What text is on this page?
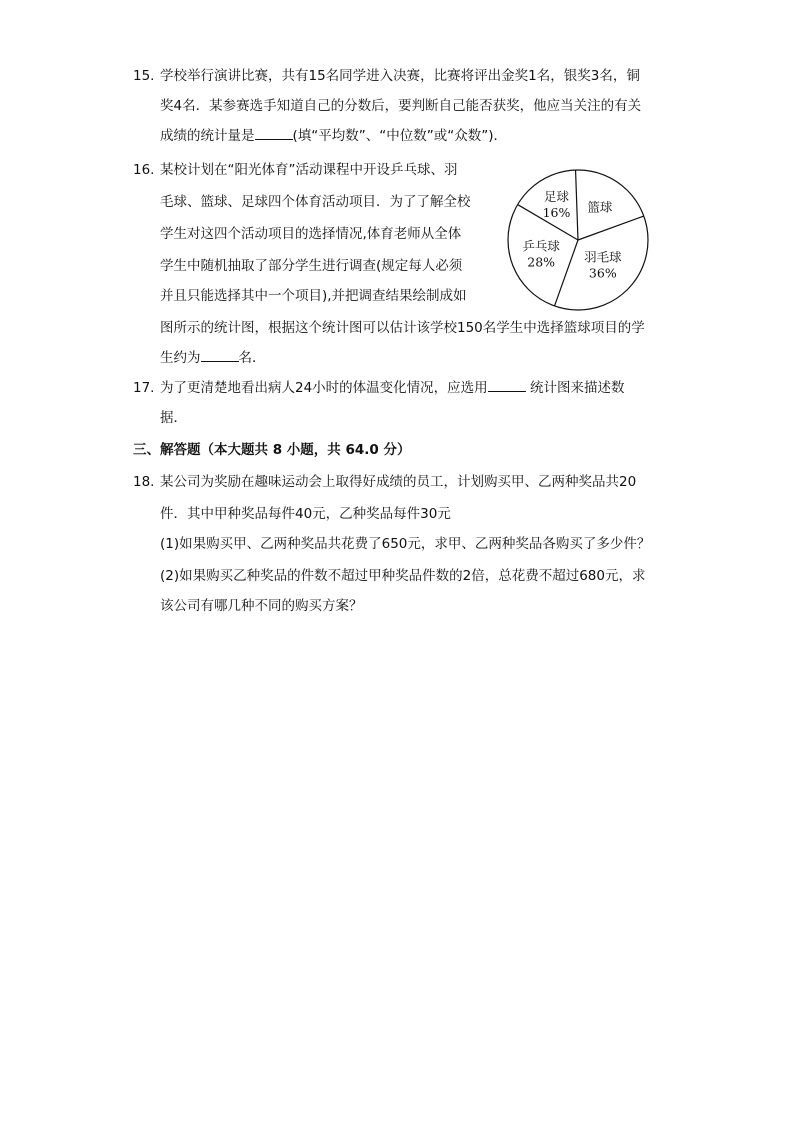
15. 学校举行演讲比赛，共有15名同学进入决赛，比赛将评出金奖1名，银奖3名，铜
奖4名．某参赛选手知道自己的分数后，要判断自己能否获奖，他应当关注的有关
成绩的统计量是	(填“平均数”、“中位数”或“众数”)．
16. 某校计划在“阳光体育”活动课程中开设乒乓球、羽
毛球、篮球、足球四个体育活动项目．为了了解全校
学生对这四个活动项目的选择情况,体育老师从全体
学生中随机抽取了部分学生进行调查(规定每人必须
并且只能选择其中一个项目),并把调查结果绘制成如
图所示的统计图，根据这个统计图可以估计该学校150名学生中选择篮球项目的学
生约为	名．
羽毛球
36%
乒乓球
28%
足球
16% 篮球
17. 为了更清楚地看出病人24小时的体温变化情况，应选用	统计图来描述数
据．
三、解答题（本大题共 8 小题，共 64.0 分）
18. 某公司为奖励在趣味运动会上取得好成绩的员工，计划购买甲、乙两种奖品共20
件．其中甲种奖品每件40元，乙种奖品每件30元
(1)如果购买甲、乙两种奖品共花费了650元，求甲、乙两种奖品各购买了多少件？
(2)如果购买乙种奖品的件数不超过甲种奖品件数的2倍，总花费不超过680元，求
该公司有哪几种不同的购买方案？
